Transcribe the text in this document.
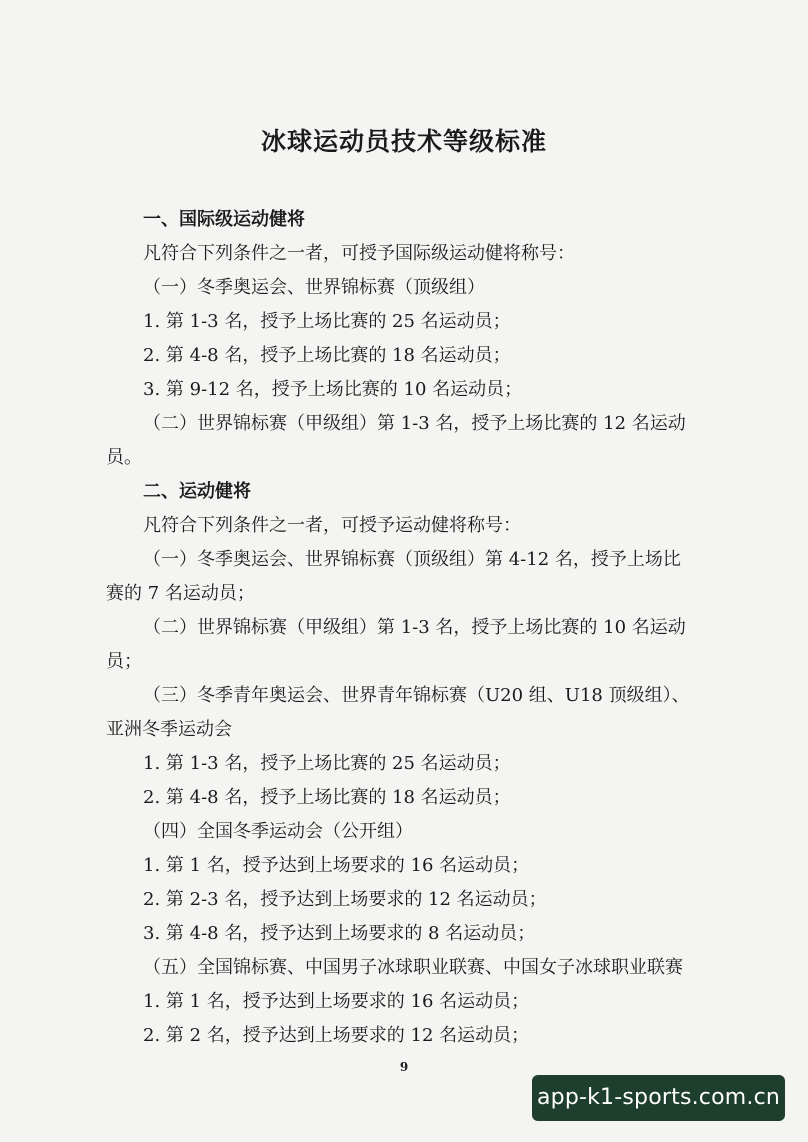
冰球运动员技术等级标准
一、国际级运动健将
凡符合下列条件之一者，可授予国际级运动健将称号：
（一）冬季奥运会、世界锦标赛（顶级组）
1. 第 1-3 名，授予上场比赛的 25 名运动员；
2. 第 4-8 名，授予上场比赛的 18 名运动员；
3. 第 9-12 名，授予上场比赛的 10 名运动员；
（二）世界锦标赛（甲级组）第 1-3 名，授予上场比赛的 12 名运动
员。
二、运动健将
凡符合下列条件之一者，可授予运动健将称号：
（一）冬季奥运会、世界锦标赛（顶级组）第 4-12 名，授予上场比
赛的 7 名运动员；
（二）世界锦标赛（甲级组）第 1-3 名，授予上场比赛的 10 名运动
员；
（三）冬季青年奥运会、世界青年锦标赛（U20 组、U18 顶级组）、
亚洲冬季运动会
1. 第 1-3 名，授予上场比赛的 25 名运动员；
2. 第 4-8 名，授予上场比赛的 18 名运动员；
（四）全国冬季运动会（公开组）
1. 第 1 名，授予达到上场要求的 16 名运动员；
2. 第 2-3 名，授予达到上场要求的 12 名运动员；
3. 第 4-8 名，授予达到上场要求的 8 名运动员；
（五）全国锦标赛、中国男子冰球职业联赛、中国女子冰球职业联赛
1. 第 1 名，授予达到上场要求的 16 名运动员；
2. 第 2 名，授予达到上场要求的 12 名运动员；
9
app-k1-sports.com.cn
